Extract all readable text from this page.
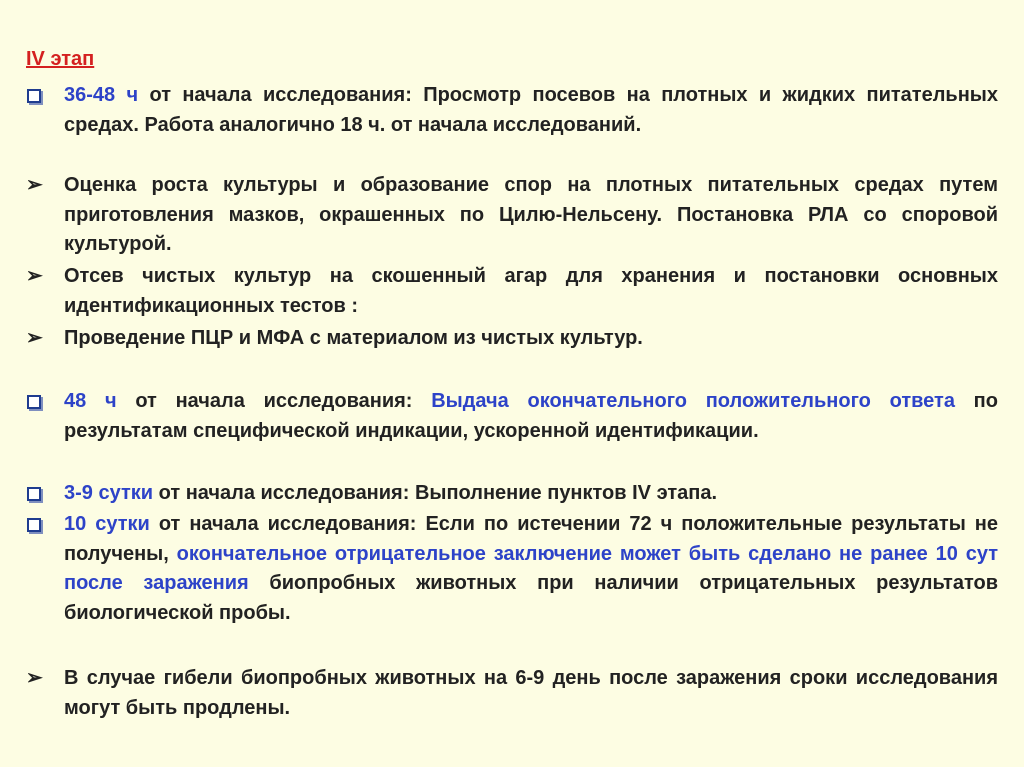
IV этап
36-48 ч от начала исследования: Просмотр посевов на плотных и жидких питательных средах. Работа аналогично 18 ч. от начала исследований.
➢ Оценка роста культуры и образование спор на плотных питательных средах путем приготовления мазков, окрашенных по Цилю-Нельсену. Постановка РЛА со споровой культурой.
➢ Отсев чистых культур на скошенный агар для хранения и постановки основных идентификационных тестов :
➢ Проведение ПЦР и МФА с материалом из чистых культур.
48 ч от начала исследования: Выдача окончательного положительного ответа по результатам специфической индикации, ускоренной идентификации.
3-9 сутки от начала исследования: Выполнение пунктов IV этапа.
10 сутки от начала исследования: Если по истечении 72 ч положительные результаты не получены, окончательное отрицательное заключение может быть сделано не ранее 10 сут после заражения биопробных животных при наличии отрицательных результатов биологической пробы.
➢ В случае гибели биопробных животных на 6-9 день после заражения сроки исследования могут быть продлены.
